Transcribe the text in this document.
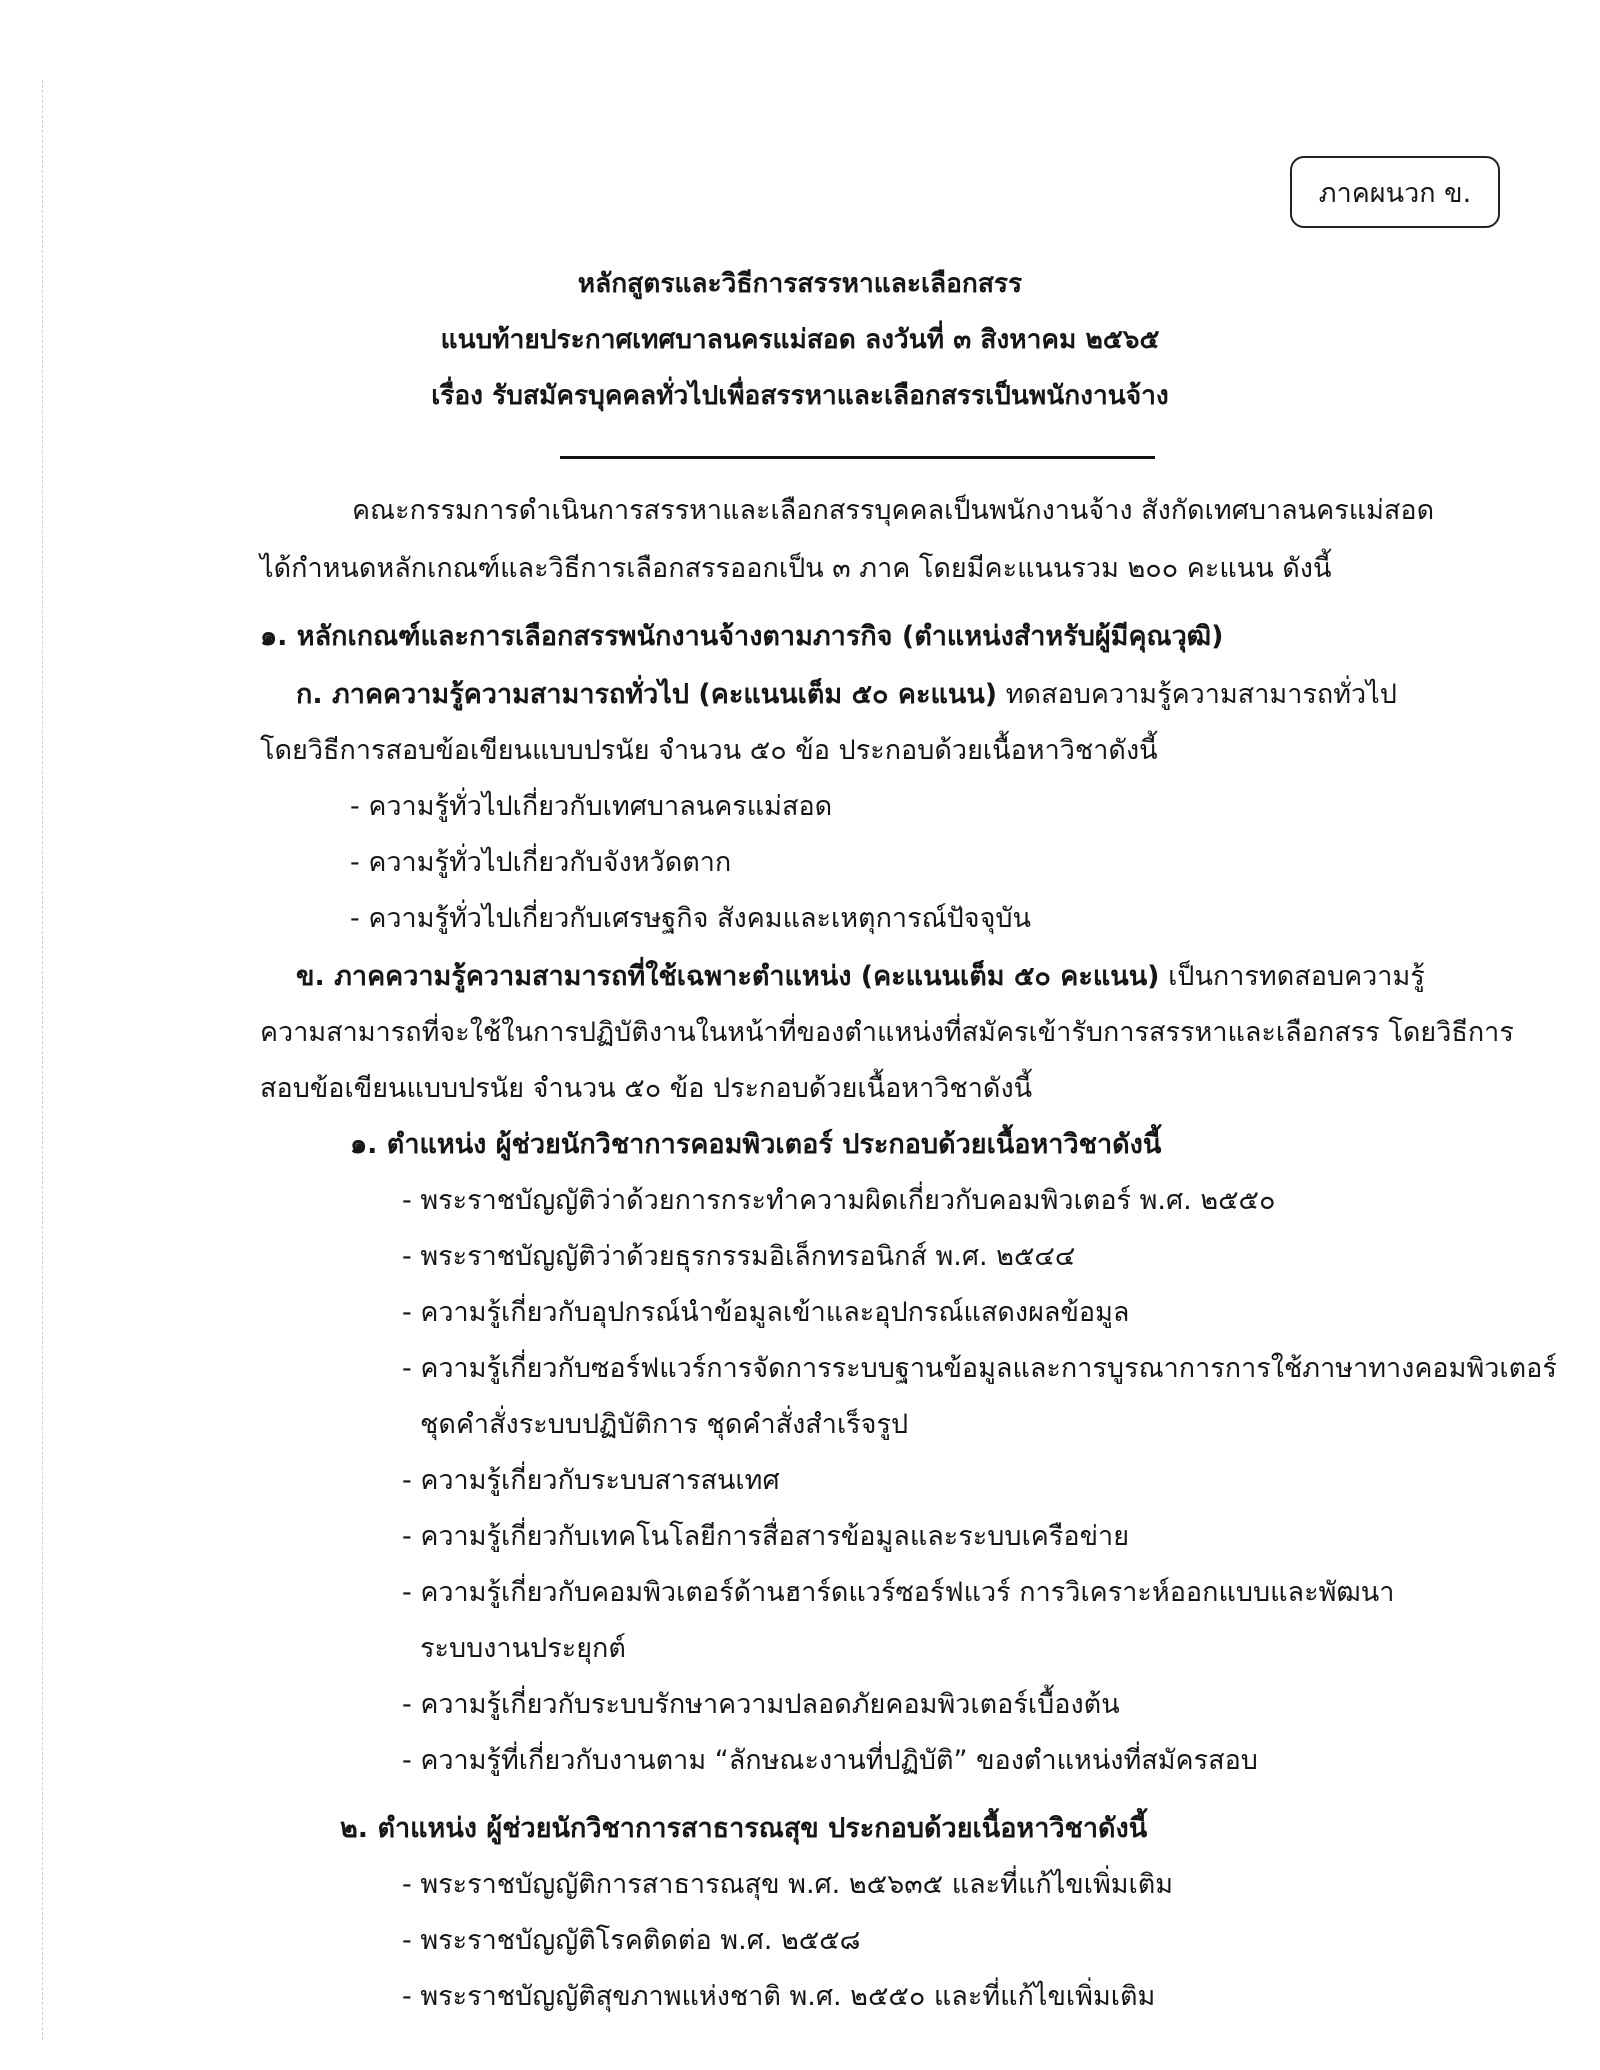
ภาคผนวก ข.
หลักสูตรและวิธีการสรรหาและเลือกสรร
แนบท้ายประกาศเทศบาลนครแม่สอด ลงวันที่ ๓ สิงหาคม ๒๕๖๕
เรื่อง รับสมัครบุคคลทั่วไปเพื่อสรรหาและเลือกสรรเป็นพนักงานจ้าง
คณะกรรมการดำเนินการสรรหาและเลือกสรรบุคคลเป็นพนักงานจ้าง สังกัดเทศบาลนครแม่สอด
ได้กำหนดหลักเกณฑ์และวิธีการเลือกสรรออกเป็น ๓ ภาค โดยมีคะแนนรวม ๒๐๐ คะแนน ดังนี้
๑. หลักเกณฑ์และการเลือกสรรพนักงานจ้างตามภารกิจ (ตำแหน่งสำหรับผู้มีคุณวุฒิ)
ก. ภาคความรู้ความสามารถทั่วไป (คะแนนเต็ม ๕๐ คะแนน) ทดสอบความรู้ความสามารถทั่วไป
โดยวิธีการสอบข้อเขียนแบบปรนัย จำนวน ๕๐ ข้อ ประกอบด้วยเนื้อหาวิชาดังนี้
- ความรู้ทั่วไปเกี่ยวกับเทศบาลนครแม่สอด
- ความรู้ทั่วไปเกี่ยวกับจังหวัดตาก
- ความรู้ทั่วไปเกี่ยวกับเศรษฐกิจ สังคมและเหตุการณ์ปัจจุบัน
ข. ภาคความรู้ความสามารถที่ใช้เฉพาะตำแหน่ง (คะแนนเต็ม ๕๐ คะแนน) เป็นการทดสอบความรู้
ความสามารถที่จะใช้ในการปฏิบัติงานในหน้าที่ของตำแหน่งที่สมัครเข้ารับการสรรหาและเลือกสรร โดยวิธีการ
สอบข้อเขียนแบบปรนัย จำนวน ๕๐ ข้อ ประกอบด้วยเนื้อหาวิชาดังนี้
๑. ตำแหน่ง ผู้ช่วยนักวิชาการคอมพิวเตอร์ ประกอบด้วยเนื้อหาวิชาดังนี้
- พระราชบัญญัติว่าด้วยการกระทำความผิดเกี่ยวกับคอมพิวเตอร์ พ.ศ. ๒๕๕๐
- พระราชบัญญัติว่าด้วยธุรกรรมอิเล็กทรอนิกส์ พ.ศ. ๒๕๔๔
- ความรู้เกี่ยวกับอุปกรณ์นำข้อมูลเข้าและอุปกรณ์แสดงผลข้อมูล
- ความรู้เกี่ยวกับซอร์ฟแวร์การจัดการระบบฐานข้อมูลและการบูรณาการการใช้ภาษาทางคอมพิวเตอร์
ชุดคำสั่งระบบปฏิบัติการ ชุดคำสั่งสำเร็จรูป
- ความรู้เกี่ยวกับระบบสารสนเทศ
- ความรู้เกี่ยวกับเทคโนโลยีการสื่อสารข้อมูลและระบบเครือข่าย
- ความรู้เกี่ยวกับคอมพิวเตอร์ด้านฮาร์ดแวร์ซอร์ฟแวร์ การวิเคราะห์ออกแบบและพัฒนา
ระบบงานประยุกต์
- ความรู้เกี่ยวกับระบบรักษาความปลอดภัยคอมพิวเตอร์เบื้องต้น
- ความรู้ที่เกี่ยวกับงานตาม “ลักษณะงานที่ปฏิบัติ” ของตำแหน่งที่สมัครสอบ
๒. ตำแหน่ง ผู้ช่วยนักวิชาการสาธารณสุข ประกอบด้วยเนื้อหาวิชาดังนี้
- พระราชบัญญัติการสาธารณสุข พ.ศ. ๒๕๖๓๕ และที่แก้ไขเพิ่มเติม
- พระราชบัญญัติโรคติดต่อ พ.ศ. ๒๕๕๘
- พระราชบัญญัติสุขภาพแห่งชาติ พ.ศ. ๒๕๕๐ และที่แก้ไขเพิ่มเติม
